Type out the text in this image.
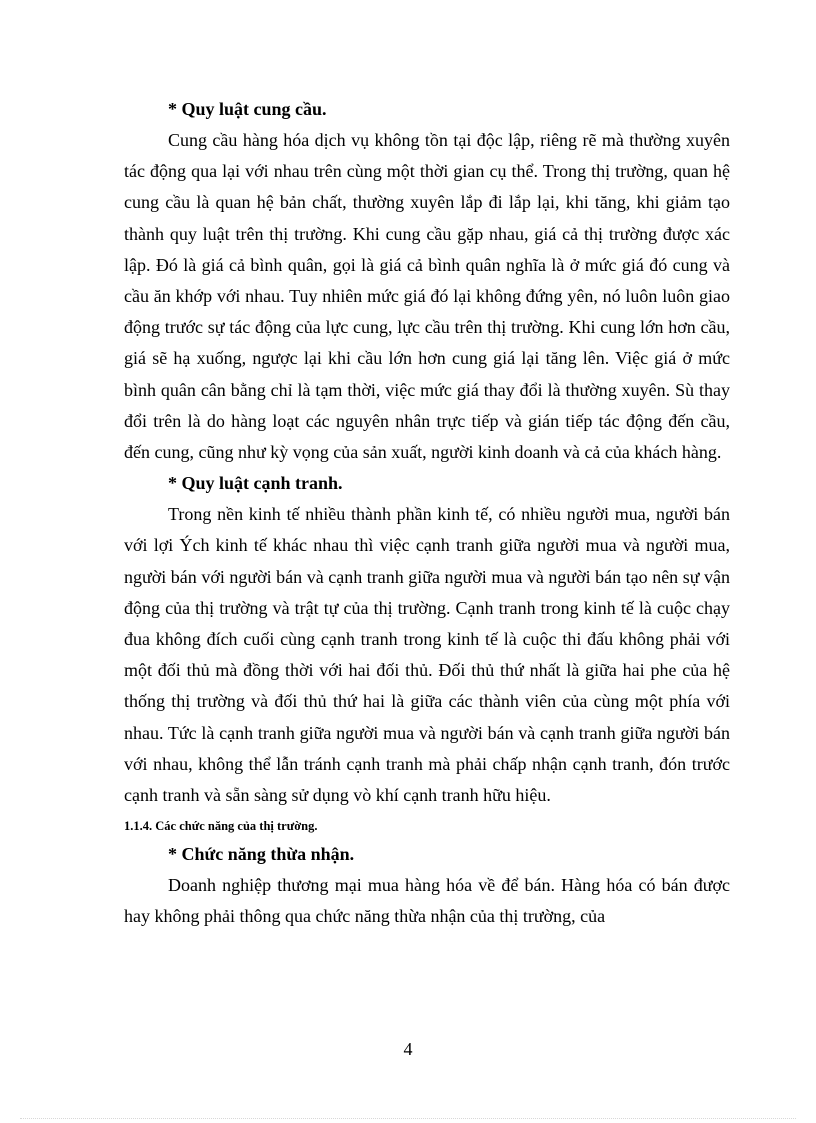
* Quy luật cung cầu.

Cung cầu hàng hóa dịch vụ không tồn tại độc lập, riêng rẽ mà thường xuyên tác động qua lại với nhau trên cùng một thời gian cụ thể. Trong thị trường, quan hệ cung cầu là quan hệ bản chất, thường xuyên lắp đi lắp lại, khi tăng, khi giảm tạo thành quy luật trên thị trường. Khi cung cầu gặp nhau, giá cả thị trường được xác lập. Đó là giá cả bình quân, gọi là giá cả bình quân nghĩa là ở mức giá đó cung và cầu ăn khớp với nhau. Tuy nhiên mức giá đó lại không đứng yên, nó luôn luôn giao động trước sự tác động của lực cung, lực cầu trên thị trường. Khi cung lớn hơn cầu, giá sẽ hạ xuống, ngược lại khi cầu lớn hơn cung giá lại tăng lên. Việc giá ở mức bình quân cân bằng chỉ là tạm thời, việc mức giá thay đổi là thường xuyên. Sù thay đổi trên là do hàng loạt các nguyên nhân trực tiếp và gián tiếp tác động đến cầu, đến cung, cũng như kỳ vọng của sản xuất, người kinh doanh và cả của khách hàng.

* Quy luật cạnh tranh.

Trong nền kinh tế nhiều thành phần kinh tế, có nhiều người mua, người bán với lợi Ých kinh tế khác nhau thì việc cạnh tranh giữa người mua và người mua, người bán với người bán và cạnh tranh giữa người mua và người bán tạo nên sự vận động của thị trường và trật tự của thị trường. Cạnh tranh trong kinh tế là cuộc chạy đua không đích cuối cùng cạnh tranh trong kinh tế là cuộc thi đấu không phải với một đối thủ mà đồng thời với hai đối thủ. Đối thủ thứ nhất là giữa hai phe của hệ thống thị trường và đối thủ thứ hai là giữa các thành viên của cùng một phía với nhau. Tức là cạnh tranh giữa người mua và người bán và cạnh tranh giữa người bán với nhau, không thể lẫn tránh cạnh tranh mà phải chấp nhận cạnh tranh, đón trước cạnh tranh và sẵn sàng sử dụng vò khí cạnh tranh hữu hiệu.

1.1.4. Các chức năng của thị trường.

* Chức năng thừa nhận.

Doanh nghiệp thương mại mua hàng hóa về để bán. Hàng hóa có bán được hay không phải thông qua chức năng thừa nhận của thị trường, của

4
